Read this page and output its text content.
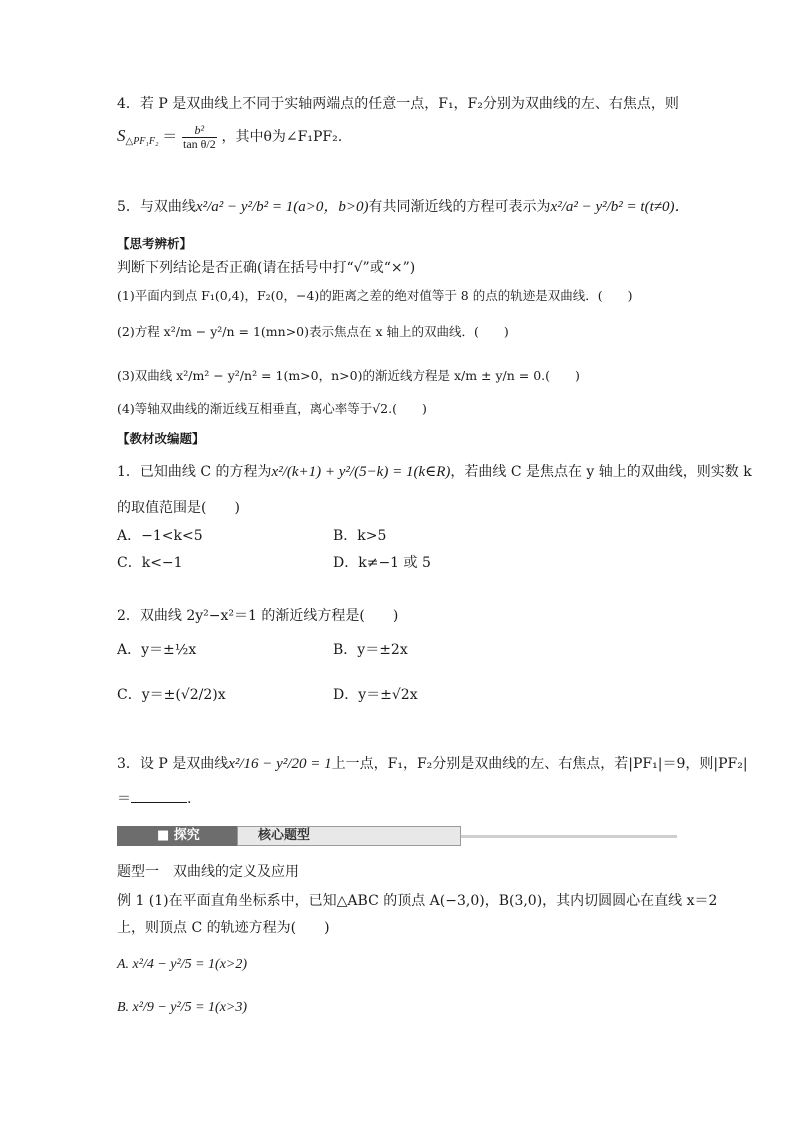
4．若 P 是双曲线上不同于实轴两端点的任意一点，F₁，F₂分别为双曲线的左、右焦点，则
$S_{\triangle PF_1F_2} = \frac{\text{b²}}{\text{tan θ/2}}$ ，其中θ为∠F₁PF₂.
5．与双曲线x²/a² − y²/b² = 1(a>0，b>0)有共同渐近线的方程可表示为x²/a² − y²/b² = t(t≠0)．
【思考辨析】
判断下列结论是否正确(请在括号中打“√”或“×”)
(1)平面内到点 F₁(0,4)，F₂(0，−4)的距离之差的绝对值等于 8 的点的轨迹是双曲线．(　　)
(2)方程 x²/m − y²/n = 1(mn>0)表示焦点在 x 轴上的双曲线．(　　)
(3)双曲线 x²/m² − y²/n² = 1(m>0，n>0)的渐近线方程是 x/m ± y/n = 0.(　　)
(4)等轴双曲线的渐近线互相垂直，离心率等于√2.(　　)
【教材改编题】
1．已知曲线 C 的方程为x²/(k+1) + y²/(5−k) = 1(k∈R)，若曲线 C 是焦点在 y 轴上的双曲线，则实数 k
的取值范围是(　　)
A．−1<k<5	B．k>5
C．k<−1	D．k≠−1 或 5
2．双曲线 2y²−x²＝1 的渐近线方程是(　　)
A．y＝±½x	B．y＝±2x
C．y＝±(√2/2)x	D．y＝±√2x
3．设 P 是双曲线x²/16 − y²/20 = 1上一点，F₁，F₂分别是双曲线的左、右焦点，若|PF₁|＝9，则|PF₂|
＝	.
■ 探究	核心题型
题型一　双曲线的定义及应用
例 1 (1)在平面直角坐标系中，已知△ABC 的顶点 A(−3,0)，B(3,0)，其内切圆圆心在直线 x＝2
上，则顶点 C 的轨迹方程为(　　)
A. x²/4 − y²/5 = 1(x>2)
B. x²/9 − y²/5 = 1(x>3)
